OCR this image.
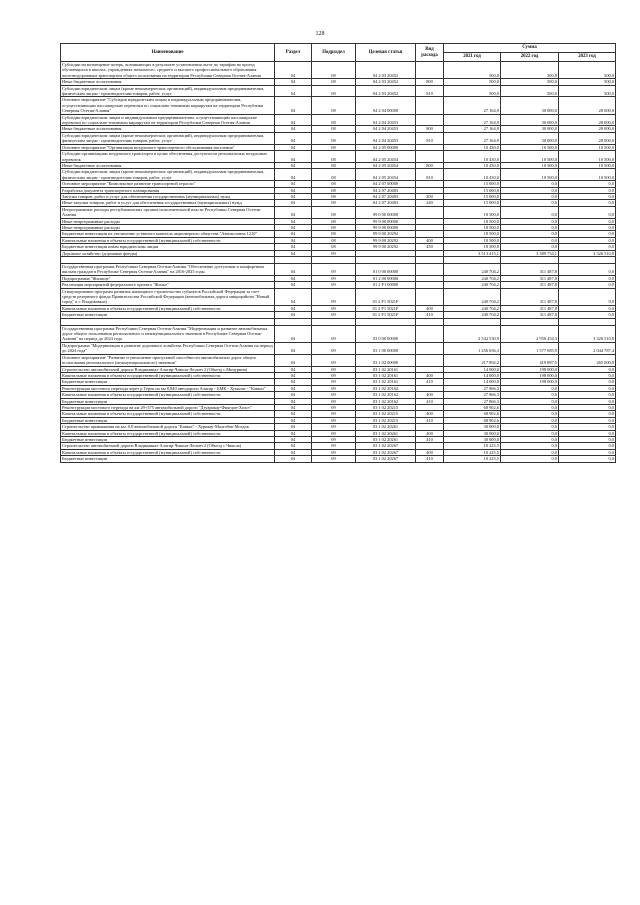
128
Наименование	Раздел	Подраздел	Целевая статья	Вид расхода	Сумма		
					2021 год	2022 год	2023 год
Субсидии на возмещение потерь, возникающих в результате установления льгот по тарифам на проезд обучающихся в школах, учреждениях начального, среднего и высшего профессионального образования железнодорожным транспортом общего пользования на территории Республики Северная Осетия-Алания	04	08	04 2 03 20452		500,0	500,0	500,0
Иные бюджетные ассигнования	04	08	04 2 03 20452	800	500,0	500,0	500,0
Субсидии юридическим лицам (кроме некоммерческих организаций), индивидуальным предпринимателям, физическим лицам - производителям товаров, работ, услуг	04	08	04 2 03 20452	810	500,0	500,0	500,0
Основное мероприятие "Субсидии юридическим лицам и индивидуальным предпринимателям, осуществляющим пассажирские перевозки по социально-значимым маршрутам на территории Республики Северная Осетия-Алания"	04	08	04 2 04 00000		27 164,9	30 000,0	28 000,0
Субсидии юридическим лицам и индивидуальным предпринимателям, осуществляющим пассажирские перевозки по социально-значимым маршрутам на территории Республики Северная Осетия-Алания	04	08	04 2 04 20453		27 164,9	30 000,0	28 000,0
Иные бюджетные ассигнования	04	08	04 2 04 20453	800	27 164,9	30 000,0	28 000,0
Субсидии юридическим лицам (кроме некоммерческих организаций), индивидуальным предпринимателям, физическим лицам - производителям товаров, работ, услуг	04	08	04 2 04 20453	810	27 164,9	30 000,0	28 000,0
Основное мероприятие "Организация воздушного транспортного обслуживания населения"	04	08	04 2 05 00000		10 430,0	10 500,0	10 500,0
Субсидии организациям воздушного транспорта в целях обеспечения доступности региональных воздушных перевозок	04	08	04 2 05 20454		10 430,0	10 500,0	10 500,0
Иные бюджетные ассигнования	04	08	04 2 05 20454	800	10 430,0	10 500,0	10 500,0
Субсидии юридическим лицам (кроме некоммерческих организаций), индивидуальным предпринимателям, физическим лицам - производителям товаров, работ, услуг	04	08	04 2 05 20454	810	10 430,0	10 500,0	10 500,0
Основное мероприятие "Комплексное развитие транспортной отрасли"	04	08	04 2 07 00000		15 000,0	0,0	0,0
Разработка документа транспортного планирования	04	08	04 2 07 20483		15 000,0	0,0	0,0
Закупка товаров, работ и услуг для обеспечения государственных (муниципальных) нужд	04	08	04 2 07 20483	200	15 000,0	0,0	0,0
Иные закупки товаров, работ и услуг для обеспечения государственных (муниципальных) нужд	04	08	04 2 07 20483	240	15 000,0	0,0	0,0
Непрограммные расходы республиканских органов исполнительной власти Республики Северная Осетия-Алания	04	08	99 0 00 00000		18 500,0	0,0	0,0
Иные непрограммные расходы	04	08	99 9 00 00000		18 500,0	0,0	0,0
Иные непрограммные расходы	04	08	99 9 00 00000		18 500,0	0,0	0,0
Бюджетные инвестиции на увеличение уставного капитала акционерного общества "Автоколонна 1210"	04	08	99 9 00 20292		18 500,0	0,0	0,0
Капитальные вложения в объекты государственной (муниципальной) собственности	04	08	99 9 00 20292	400	18 500,0	0,0	0,0
Бюджетные инвестиции иным юридическим лицам	04	08	99 9 00 20292	450	18 500,0	0,0	0,0
Дорожное хозяйство (дорожные фонды)	04	09			3 513 415,1	3 389 754,1	3 326 510,8

Государственная программа Республики Северная Осетия-Алания "Обеспечение доступным и комфортным жильем граждан в Республике Северная Осетия-Алания" на 2016-2025 годы	04	09	01 0 00 00000		240 704,2	311 487,8	0,0
Подпрограмма "Жилище"	04	09	01 2 00 00000		240 704,2	311 487,8	0,0
Реализация мероприятий федерального проекта "Жилье"	04	09	01 2 F1 00000		240 704,2	311 487,8	0,0
Стимулирование программ развития жилищного строительства субъектов Российской Федерации за счет средств резервного фонда Правительства Российской Федерации (автомобильная дорога микрорайона "Новый город" в г. Владикавказ)	04	09	01 2 F1 5021F		240 704,2	311 487,8	0,0
Капитальные вложения в объекты государственной (муниципальной) собственности	04	09	01 2 F1 5021F	400	240 704,2	311 487,8	0,0
Бюджетные инвестиции	04	09	01 2 F1 5021F	410	240 704,2	311 487,8	0,0

Государственная программа Республики Северная Осетия-Алания "Модернизация и развитие автомобильных дорог общего пользования регионального и межмуниципального значения в Республике Северная Осетия-Алания" на период до 2024 года	04	09	03 0 00 00000		2 542 530,9	2 956 454,3	3 326 510,8
Подпрограмма "Модернизация и развитие дорожного хозяйства Республики Северная Осетия-Алания на период до 2024 года"	04	09	03 1 00 00000		1 256 656,3	1 577 085,9	2 044 787,4
Основное мероприятие "Развитие и увеличение пропускной способности автомобильных дорог общего пользования регионального (межмуниципального) значения"	04	09	03 1 02 00000		217 892,2	419 887,5	265 000,0
Строительство автомобильной дороги Владикавказ-Алагир-Чикола-Лескен 2 (Объезд с.Мичурина)	04	09	03 1 02 20161		14 000,0	198 000,0	0,0
Капитальные вложения в объекты государственной (муниципальной) собственности	04	09	03 1 02 20161	400	14 000,0	198 000,0	0,0
Бюджетные инвестиции	04	09	03 1 02 20161	410	14 000,0	198 000,0	0,0
Реконструкция мостового перехода через р.Терек на км 8,840 автодороги Алагир - БМК - Хумалаг - "Кавказ"	04	09	03 1 02 20162		27 866,3	0,0	0,0
Капитальные вложения в объекты государственной (муниципальной) собственности	04	09	03 1 02 20162	400	27 866,3	0,0	0,0
Бюджетные инвестиции	04	09	03 1 02 20162	410	27 866,3	0,0	0,0
Реконструкция мостового перехода на км 29+575 автомобильной дороги "Дзуарикау-Фиагдон-Холст"	04	09	03 1 02 20215		68 902,6	0,0	0,0
Капитальные вложения в объекты государственной (муниципальной) собственности	04	09	03 1 02 20215	400	68 902,6	0,0	0,0
Бюджетные инвестиции	04	09	03 1 02 20215	410	68 902,6	0,0	0,0
Строительство примыкания на км. 0,0 автомобильной дороги "Кавказ" - Хурикау-Малгобек-Моздок	04	09	03 1 02 20261		30 000,0	0,0	0,0
Капитальные вложения в объекты государственной (муниципальной) собственности	04	09	03 1 02 20261	400	30 000,0	0,0	0,0
Бюджетные инвестиции	04	09	03 1 02 20261	410	30 000,0	0,0	0,0
Строительство автомобильной дороги Владикавказ-Алагир-Чикола-Лескен 2 (Объезд с.Чикола)	04	09	03 1 02 20267		10 225,5	0,0	0,0
Капитальные вложения в объекты государственной (муниципальной) собственности	04	09	03 1 02 20267	400	10 225,5	0,0	0,0
Бюджетные инвестиции	04	09	03 1 02 20267	410	10 225,5	0,0	0,0
